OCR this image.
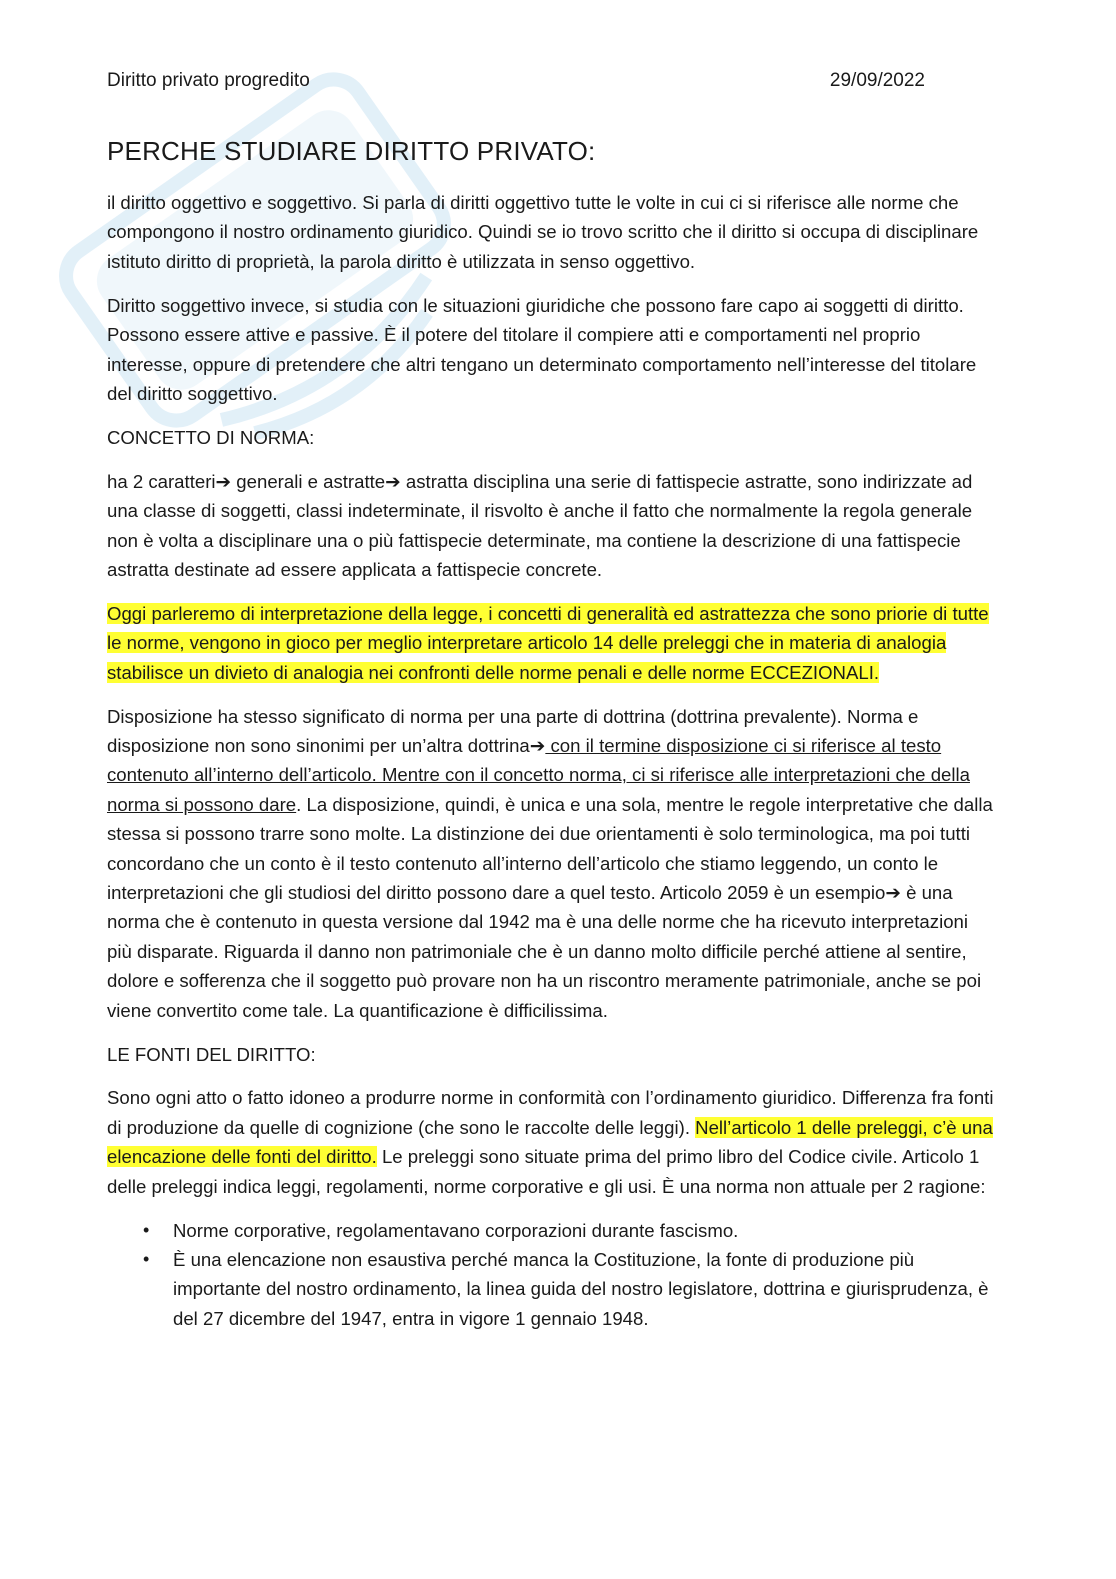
Diritto privato progredito	29/09/2022
PERCHE STUDIARE DIRITTO PRIVATO:

il diritto oggettivo e soggettivo. Si parla di diritti oggettivo tutte le volte in cui ci si riferisce alle norme che compongono il nostro ordinamento giuridico. Quindi se io trovo scritto che il diritto si occupa di disciplinare istituto diritto di proprietà, la parola diritto è utilizzata in senso oggettivo.

Diritto soggettivo invece, si studia con le situazioni giuridiche che possono fare capo ai soggetti di diritto. Possono essere attive e passive. È il potere del titolare il compiere atti e comportamenti nel proprio interesse, oppure di pretendere che altri tengano un determinato comportamento nell’interesse del titolare del diritto soggettivo.

CONCETTO DI NORMA:

ha 2 caratteri➔ generali e astratte➔ astratta disciplina una serie di fattispecie astratte, sono indirizzate ad una classe di soggetti, classi indeterminate, il risvolto è anche il fatto che normalmente la regola generale non è volta a disciplinare una o più fattispecie determinate, ma contiene la descrizione di una fattispecie astratta destinate ad essere applicata a fattispecie concrete.

Oggi parleremo di interpretazione della legge, i concetti di generalità ed astrattezza che sono priorie di tutte le norme, vengono in gioco per meglio interpretare articolo 14 delle preleggi che in materia di analogia stabilisce un divieto di analogia nei confronti delle norme penali e delle norme ECCEZIONALI.

Disposizione ha stesso significato di norma per una parte di dottrina (dottrina prevalente). Norma e disposizione non sono sinonimi per un’altra dottrina➔ con il termine disposizione ci si riferisce al testo contenuto all’interno dell’articolo. Mentre con il concetto norma, ci si riferisce alle interpretazioni che della norma si possono dare. La disposizione, quindi, è unica e una sola, mentre le regole interpretative che dalla stessa si possono trarre sono molte. La distinzione dei due orientamenti è solo terminologica, ma poi tutti concordano che un conto è il testo contenuto all’interno dell’articolo che stiamo leggendo, un conto le interpretazioni che gli studiosi del diritto possono dare a quel testo. Articolo 2059 è un esempio➔ è una norma che è contenuto in questa versione dal 1942 ma è una delle norme che ha ricevuto interpretazioni più disparate. Riguarda il danno non patrimoniale che è un danno molto difficile perché attiene al sentire, dolore e sofferenza che il soggetto può provare non ha un riscontro meramente patrimoniale, anche se poi viene convertito come tale. La quantificazione è difficilissima.

LE FONTI DEL DIRITTO:

Sono ogni atto o fatto idoneo a produrre norme in conformità con l’ordinamento giuridico. Differenza fra fonti di produzione da quelle di cognizione (che sono le raccolte delle leggi). Nell’articolo 1 delle preleggi, c’è una elencazione delle fonti del diritto. Le preleggi sono situate prima del primo libro del Codice civile. Articolo 1 delle preleggi indica leggi, regolamenti, norme corporative e gli usi. È una norma non attuale per 2 ragione:

• Norme corporative, regolamentavano corporazioni durante fascismo.
• È una elencazione non esaustiva perché manca la Costituzione, la fonte di produzione più importante del nostro ordinamento, la linea guida del nostro legislatore, dottrina e giurisprudenza, è del 27 dicembre del 1947, entra in vigore 1 gennaio 1948.
